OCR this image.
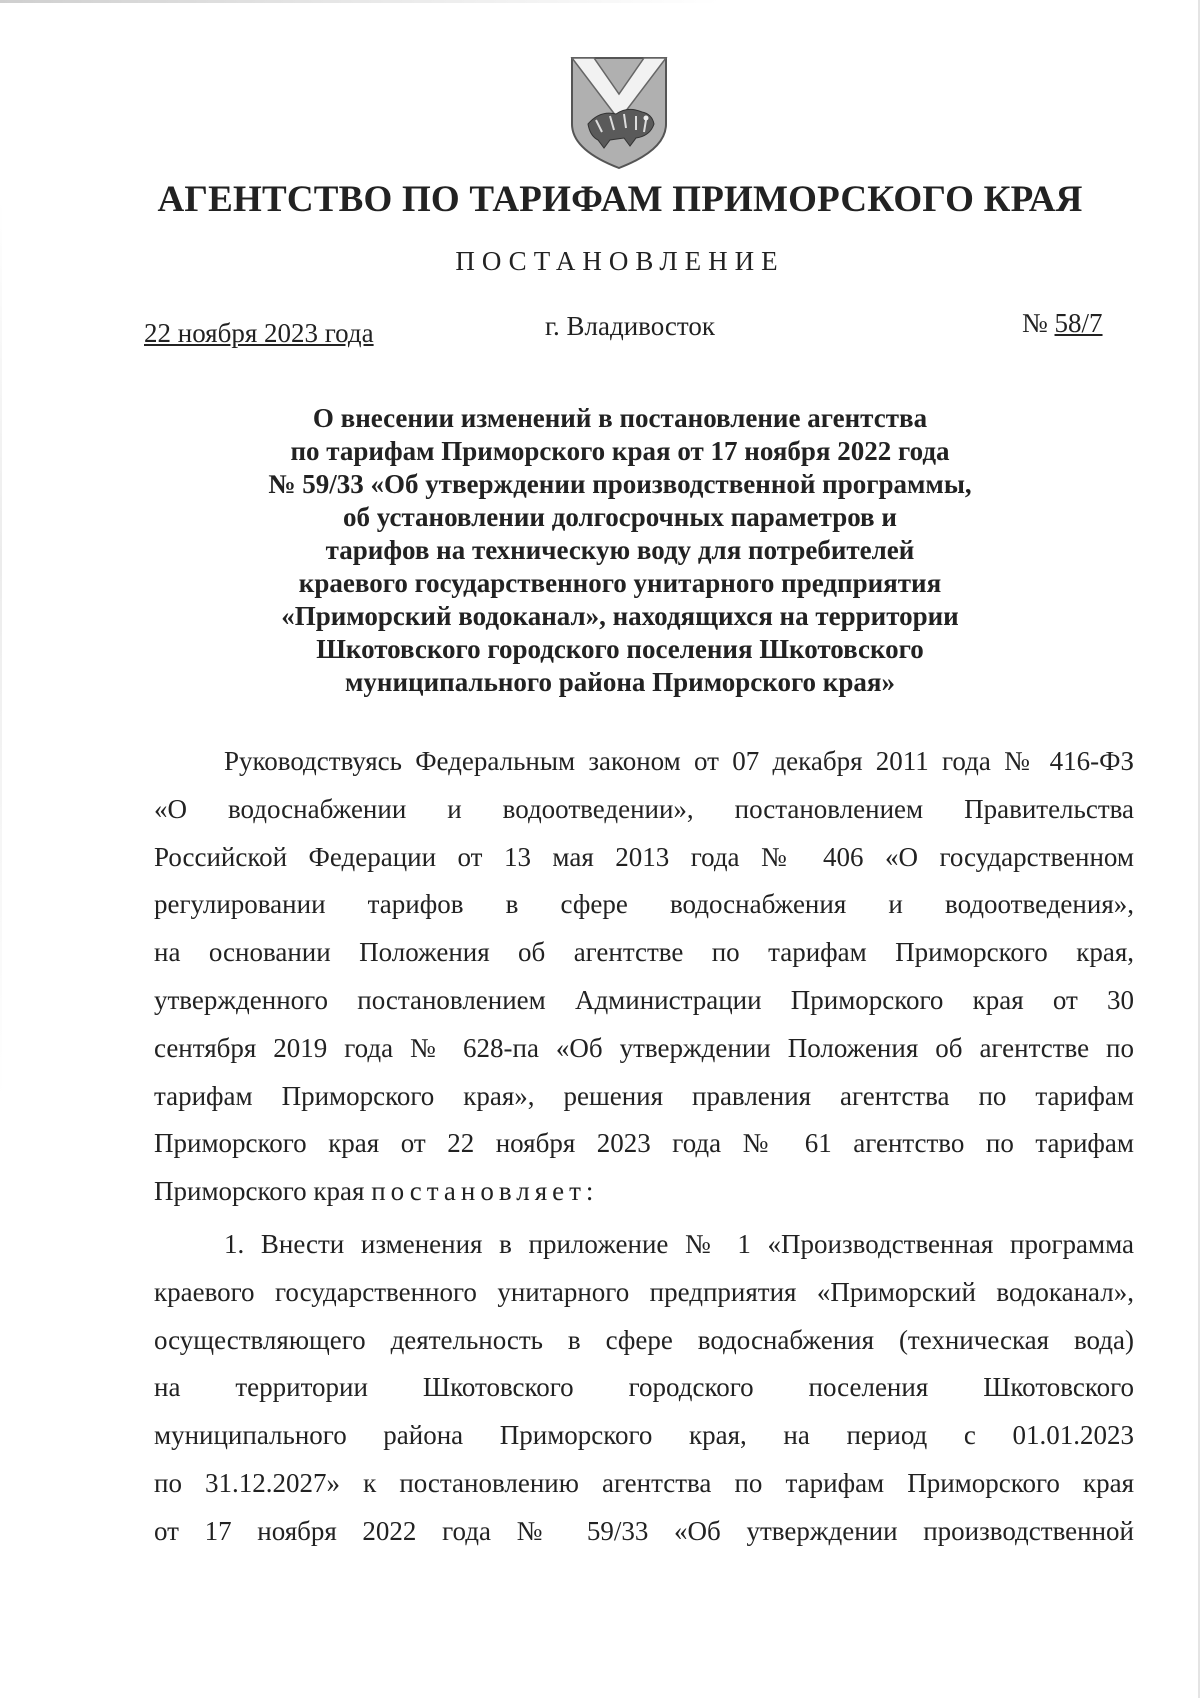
АГЕНТСТВО ПО ТАРИФАМ ПРИМОРСКОГО КРАЯ
ПОСТАНОВЛЕНИЕ
22 ноября 2023 года	г. Владивосток	№ 58/7
О внесении изменений в постановление агентства
по тарифам Приморского края от 17 ноября 2022 года
№ 59/33 «Об утверждении производственной программы,
об установлении долгосрочных параметров и
тарифов на техническую воду для потребителей
краевого государственного унитарного предприятия
«Приморский водоканал», находящихся на территории
Шкотовского городского поселения Шкотовского
муниципального района Приморского края»
Руководствуясь Федеральным законом от 07 декабря 2011 года № 416-ФЗ
«О водоснабжении и водоотведении», постановлением Правительства
Российской Федерации от 13 мая 2013 года № 406 «О государственном
регулировании тарифов в сфере водоснабжения и водоотведения»,
на основании Положения об агентстве по тарифам Приморского края,
утвержденного постановлением Администрации Приморского края от 30
сентября 2019 года № 628-па «Об утверждении Положения об агентстве по
тарифам Приморского края», решения правления агентства по тарифам
Приморского края от 22 ноября 2023 года № 61 агентство по тарифам
Приморского края постановляет:
1. Внести изменения в приложение № 1 «Производственная программа
краевого государственного унитарного предприятия «Приморский водоканал»,
осуществляющего деятельность в сфере водоснабжения (техническая вода)
на территории Шкотовского городского поселения Шкотовского
муниципального района Приморского края, на период с 01.01.2023
по 31.12.2027» к постановлению агентства по тарифам Приморского края
от 17 ноября 2022 года № 59/33 «Об утверждении производственной
